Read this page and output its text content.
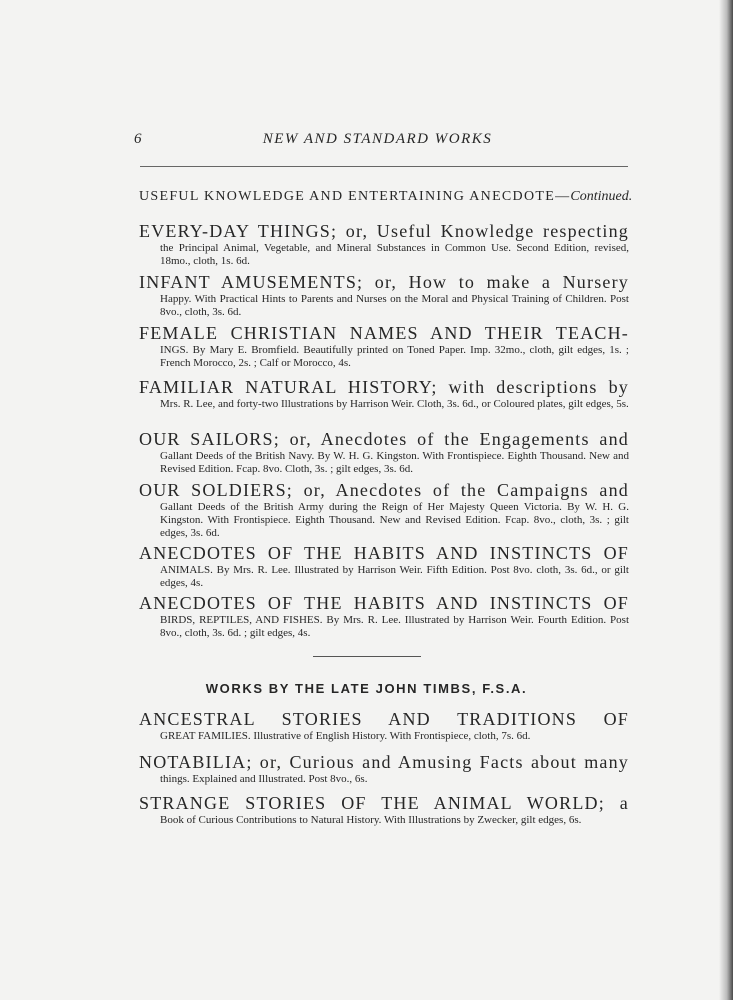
6	NEW AND STANDARD WORKS
USEFUL KNOWLEDGE AND ENTERTAINING ANECDOTE—Continued.
EVERY-DAY THINGS; or, Useful Knowledge respecting
the Principal Animal, Vegetable, and Mineral Substances in Common Use. Second Edition, revised, 18mo., cloth, 1s. 6d.
INFANT AMUSEMENTS; or, How to make a Nursery
Happy. With Practical Hints to Parents and Nurses on the Moral and Physical Training of Children. Post 8vo., cloth, 3s. 6d.
FEMALE CHRISTIAN NAMES AND THEIR TEACH-
INGS. By Mary E. Bromfield. Beautifully printed on Toned Paper. Imp. 32mo., cloth, gilt edges, 1s. ; French Morocco, 2s. ; Calf or Morocco, 4s.
FAMILIAR NATURAL HISTORY; with descriptions by
Mrs. R. Lee, and forty-two Illustrations by Harrison Weir. Cloth, 3s. 6d., or Coloured plates, gilt edges, 5s.
OUR SAILORS; or, Anecdotes of the Engagements and
Gallant Deeds of the British Navy. By W. H. G. Kingston. With Frontispiece. Eighth Thousand. New and Revised Edition. Fcap. 8vo. Cloth, 3s. ; gilt edges, 3s. 6d.
OUR SOLDIERS; or, Anecdotes of the Campaigns and
Gallant Deeds of the British Army during the Reign of Her Majesty Queen Victoria. By W. H. G. Kingston. With Frontispiece. Eighth Thousand. New and Revised Edition. Fcap. 8vo., cloth, 3s. ; gilt edges, 3s. 6d.
ANECDOTES OF THE HABITS AND INSTINCTS OF
ANIMALS. By Mrs. R. Lee. Illustrated by Harrison Weir. Fifth Edition. Post 8vo. cloth, 3s. 6d., or gilt edges, 4s.
ANECDOTES OF THE HABITS AND INSTINCTS OF
BIRDS, REPTILES, AND FISHES. By Mrs. R. Lee. Illustrated by Harrison Weir. Fourth Edition. Post 8vo., cloth, 3s. 6d. ; gilt edges, 4s.
WORKS BY THE LATE JOHN TIMBS, F.S.A.
ANCESTRAL STORIES AND TRADITIONS OF
GREAT FAMILIES. Illustrative of English History. With Frontispiece, cloth, 7s. 6d.
NOTABILIA; or, Curious and Amusing Facts about many
things. Explained and Illustrated. Post 8vo., 6s.
STRANGE STORIES OF THE ANIMAL WORLD; a
Book of Curious Contributions to Natural History. With Illustrations by Zwecker, gilt edges, 6s.
